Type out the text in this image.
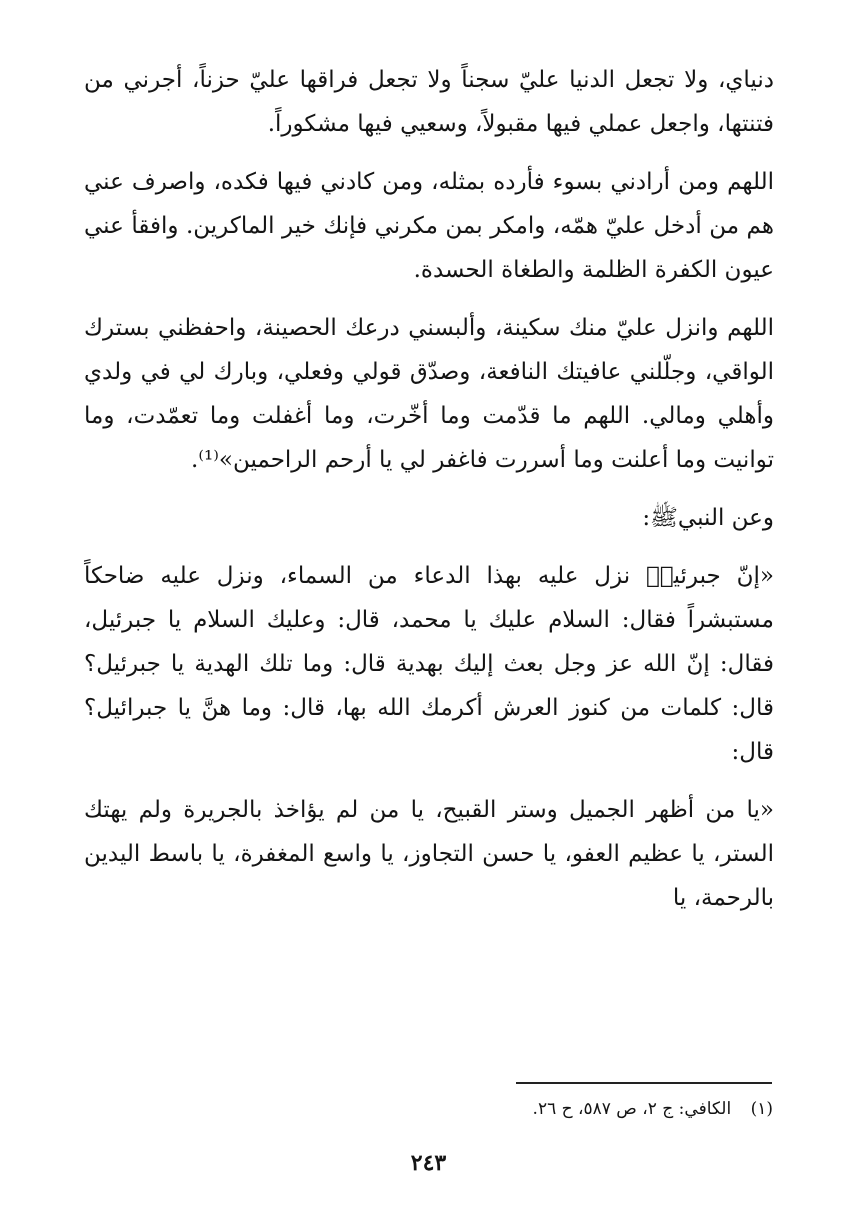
دنياي، ولا تجعل الدنيا عليّ سجناً ولا تجعل فراقها عليّ حزناً، أجرني من فتنتها، واجعل عملي فيها مقبولاً، وسعيي فيها مشكوراً.

اللهم ومن أرادني بسوء فأرده بمثله، ومن كادني فيها فكده، واصرف عني هم من أدخل عليّ همّه، وامكر بمن مكرني فإنك خير الماكرين. وافقأ عني عيون الكفرة الظلمة والطغاة الحسدة.

اللهم وانزل عليّ منك سكينة، وألبسني درعك الحصينة، واحفظني بسترك الواقي، وجلّلني عافيتك النافعة، وصدّق قولي وفعلي، وبارك لي في ولدي وأهلي ومالي. اللهم ما قدّمت وما أخّرت، وما أغفلت وما تعمّدت، وما توانيت وما أعلنت وما أسررت فاغفر لي يا أرحم الراحمين»⁽¹⁾.

وعن النبيﷺ:

«إنّ جبرئيلؑ نزل عليه بهذا الدعاء من السماء، ونزل عليه ضاحكاً مستبشراً فقال: السلام عليك يا محمد، قال: وعليك السلام يا جبرئيل، فقال: إنّ الله عز وجل بعث إليك بهدية قال: وما تلك الهدية يا جبرئيل؟ قال: كلمات من كنوز العرش أكرمك الله بها، قال: وما هنَّ يا جبرائيل؟ قال:

«يا من أظهر الجميل وستر القبيح، يا من لم يؤاخذ بالجريرة ولم يهتك الستر، يا عظيم العفو، يا حسن التجاوز، يا واسع المغفرة، يا باسط اليدين بالرحمة، يا

(١) الكافي: ج ٢، ص ٥٨٧، ح ٢٦.
٢٤٣
